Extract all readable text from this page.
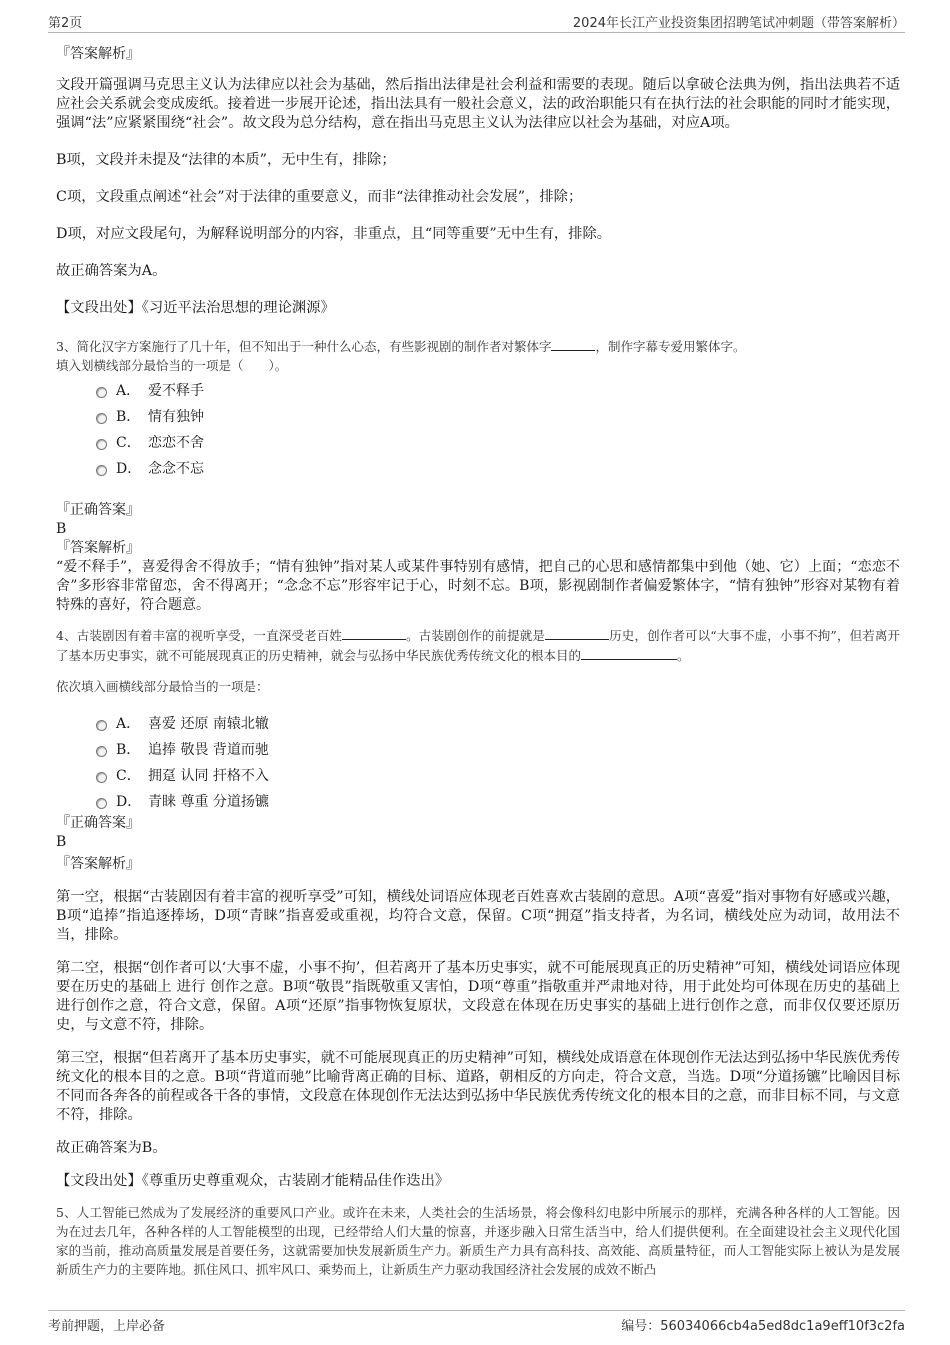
第2页	2024年长江产业投资集团招聘笔试冲刺题（带答案解析）
『答案解析』
文段开篇强调马克思主义认为法律应以社会为基础，然后指出法律是社会利益和需要的表现。随后以拿破仑法典为例，指出法典若不适应社会关系就会变成废纸。接着进一步展开论述，指出法具有一般社会意义，法的政治职能只有在执行法的社会职能的同时才能实现，强调“法”应紧紧围绕“社会”。故文段为总分结构，意在指出马克思主义认为法律应以社会为基础，对应A项。
B项，文段并未提及“法律的本质”，无中生有，排除；
C项，文段重点阐述“社会”对于法律的重要意义，而非“法律推动社会发展”，排除；
D项，对应文段尾句，为解释说明部分的内容，非重点，且“同等重要”无中生有，排除。
故正确答案为A。
【文段出处】《习近平法治思想的理论渊源》
3、简化汉字方案施行了几十年，但不知出于一种什么心态，有些影视剧的制作者对繁体字	，制作字幕专爱用繁体字。
填入划横线部分最恰当的一项是（　　）。
A． 爱不释手
B． 情有独钟
C． 恋恋不舍
D． 念念不忘
『正确答案』
B
『答案解析』
“爱不释手”，喜爱得舍不得放手；“情有独钟”指对某人或某件事特别有感情，把自己的心思和感情都集中到他（她、它）上面；“恋恋不舍”多形容非常留恋，舍不得离开；“念念不忘”形容牢记于心，时刻不忘。B项，影视剧制作者偏爱繁体字，“情有独钟”形容对某物有着特殊的喜好，符合题意。
4、古装剧因有着丰富的视听享受，一直深受老百姓	。古装剧创作的前提就是	历史，创作者可以“大事不虚，小事不拘”，但若离开了基本历史事实，就不可能展现真正的历史精神，就会与弘扬中华民族优秀传统文化的根本目的	。
依次填入画横线部分最恰当的一项是：
A． 喜爱 还原 南辕北辙
B． 追捧 敬畏 背道而驰
C． 拥趸 认同 扞格不入
D． 青睐 尊重 分道扬镳
『正确答案』
B
『答案解析』
第一空，根据“古装剧因有着丰富的视听享受”可知，横线处词语应体现老百姓喜欢古装剧的意思。A项“喜爱”指对事物有好感或兴趣，B项“追捧”指追逐捧场，D项“青睐”指喜爱或重视，均符合文意，保留。C项“拥趸”指支持者，为名词，横线处应为动词，故用法不当，排除。
第二空，根据“创作者可以‘大事不虚，小事不拘’，但若离开了基本历史事实，就不可能展现真正的历史精神”可知，横线处词语应体现要在历史的基础上 进行 创作之意。B项“敬畏”指既敬重又害怕，D项“尊重”指敬重并严肃地对待，用于此处均可体现在历史的基础上进行创作之意，符合文意，保留。A项“还原”指事物恢复原状，文段意在体现在历史事实的基础上进行创作之意，而非仅仅要还原历史，与文意不符，排除。
第三空，根据“但若离开了基本历史事实，就不可能展现真正的历史精神”可知，横线处成语意在体现创作无法达到弘扬中华民族优秀传统文化的根本目的之意。B项“背道而驰”比喻背离正确的目标、道路，朝相反的方向走，符合文意，当选。D项“分道扬镳”比喻因目标不同而各奔各的前程或各干各的事情，文段意在体现创作无法达到弘扬中华民族优秀传统文化的根本目的之意，而非目标不同，与文意不符，排除。
故正确答案为B。
【文段出处】《尊重历史尊重观众，古装剧才能精品佳作迭出》
5、人工智能已然成为了发展经济的重要风口产业。或许在未来，人类社会的生活场景，将会像科幻电影中所展示的那样，充满各种各样的人工智能。因为在过去几年，各种各样的人工智能模型的出现，已经带给人们大量的惊喜，并逐步融入日常生活当中，给人们提供便利。在全面建设社会主义现代化国家的当前，推动高质量发展是首要任务，这就需要加快发展新质生产力。新质生产力具有高科技、高效能、高质量特征，而人工智能实际上被认为是发展新质生产力的主要阵地。抓住风口、抓牢风口、乘势而上，让新质生产力驱动我国经济社会发展的成效不断凸
考前押题，上岸必备	编号：56034066cb4a5ed8dc1a9eff10f3c2fa
